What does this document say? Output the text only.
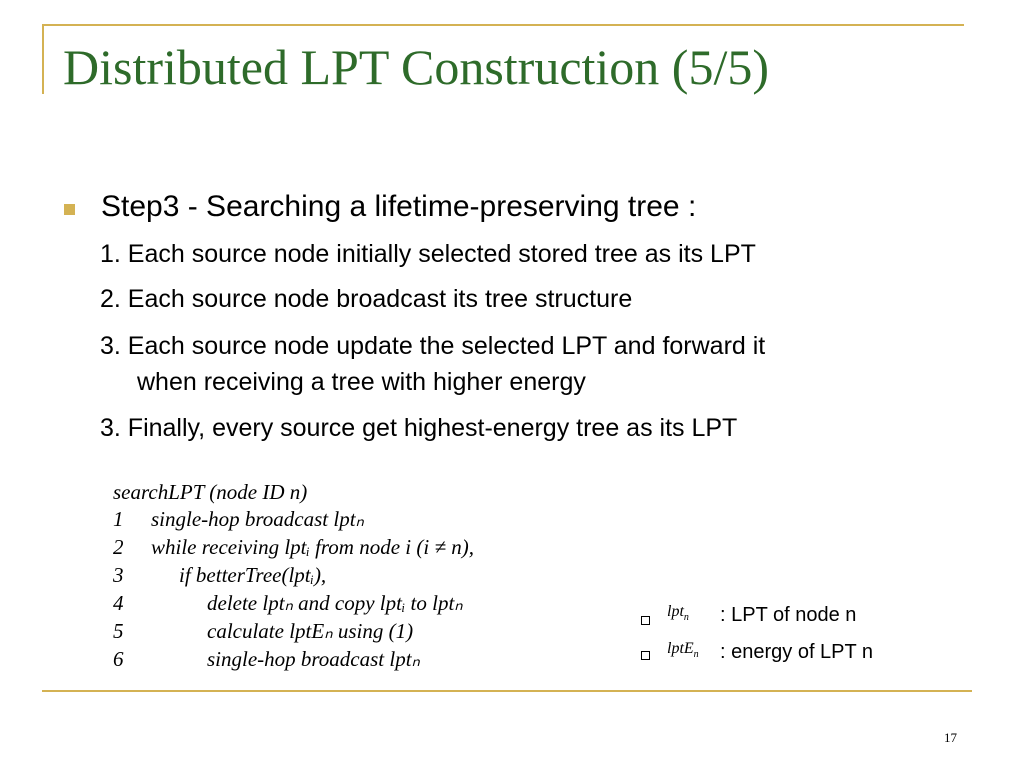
Distributed LPT Construction (5/5)
Step3 - Searching a lifetime-preserving tree :
1. Each source node initially selected stored tree as its LPT
2. Each source node broadcast its tree structure
3. Each source node update the selected LPT and forward it
when receiving a tree with higher energy
3. Finally, every source get highest-energy tree as its LPT
searchLPT (node ID n)
1 single-hop broadcast lptₙ
2 while receiving lptᵢ from node i (i ≠ n),
3	if betterTree(lptᵢ),
4	delete lptₙ and copy lptᵢ to lptₙ
5	calculate lptEₙ using (1)
6	single-hop broadcast lptₙ
lpt$_n$ : LPT of node n
lptE$_n$ : energy of LPT n
17
